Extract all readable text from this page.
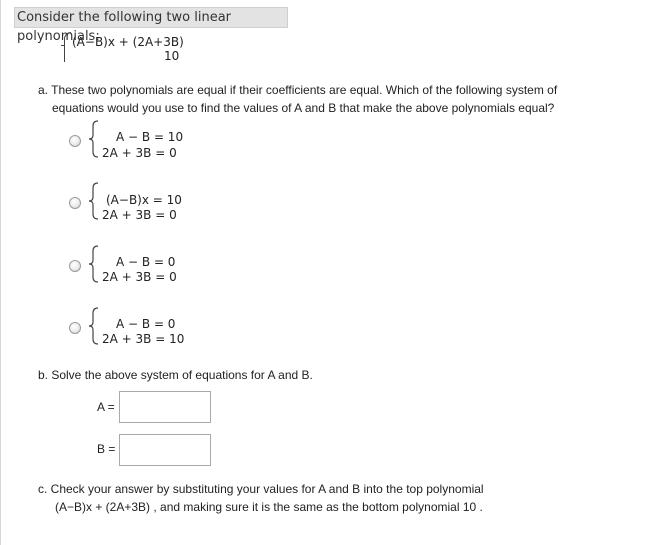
Consider the following two linear polynomials:
(A−B)x + (2A+3B)
10
a. These two polynomials are equal if their coefficients are equal. Which of the following system of
equations would you use to find the values of A and B that make the above polynomials equal?
A − B = 10
2A + 3B = 0
(A−B)x = 10
2A + 3B = 0
A − B = 0
2A + 3B = 0
A − B = 0
2A + 3B = 10
b. Solve the above system of equations for A and B.
A =
B =
c. Check your answer by substituting your values for A and B into the top polynomial
(A−B)x + (2A+3B) , and making sure it is the same as the bottom polynomial 10 .
